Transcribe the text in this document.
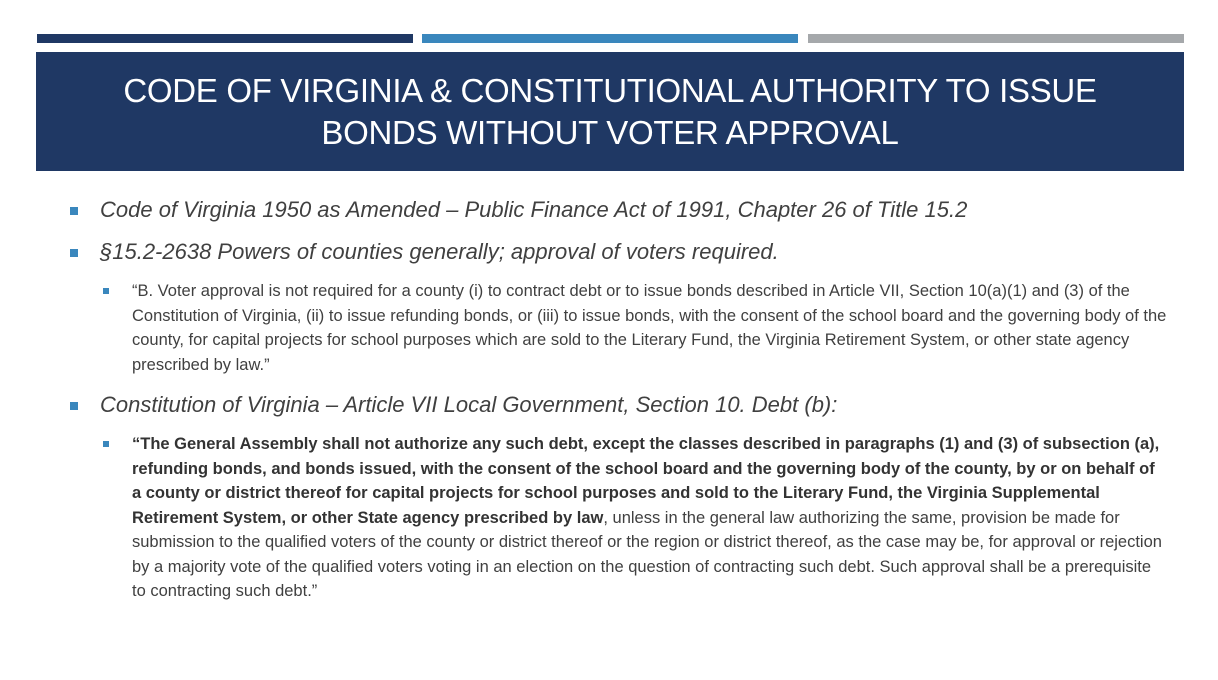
CODE OF VIRGINIA & CONSTITUTIONAL AUTHORITY TO ISSUE BONDS WITHOUT VOTER APPROVAL
Code of Virginia 1950 as Amended – Public Finance Act of 1991, Chapter 26 of Title 15.2
§15.2-2638 Powers of counties generally; approval of voters required.
“B. Voter approval is not required for a county (i) to contract debt or to issue bonds described in Article VII, Section 10(a)(1) and (3) of the Constitution of Virginia, (ii) to issue refunding bonds, or (iii) to issue bonds, with the consent of the school board and the governing body of the county, for capital projects for school purposes which are sold to the Literary Fund, the Virginia Retirement System, or other state agency prescribed by law.”
Constitution of Virginia – Article VII Local Government, Section 10. Debt (b):
“The General Assembly shall not authorize any such debt, except the classes described in paragraphs (1) and (3) of subsection (a), refunding bonds, and bonds issued, with the consent of the school board and the governing body of the county, by or on behalf of a county or district thereof for capital projects for school purposes and sold to the Literary Fund, the Virginia Supplemental Retirement System, or other State agency prescribed by law, unless in the general law authorizing the same, provision be made for submission to the qualified voters of the county or district thereof or the region or district thereof, as the case may be, for approval or rejection by a majority vote of the qualified voters voting in an election on the question of contracting such debt. Such approval shall be a prerequisite to contracting such debt.”
